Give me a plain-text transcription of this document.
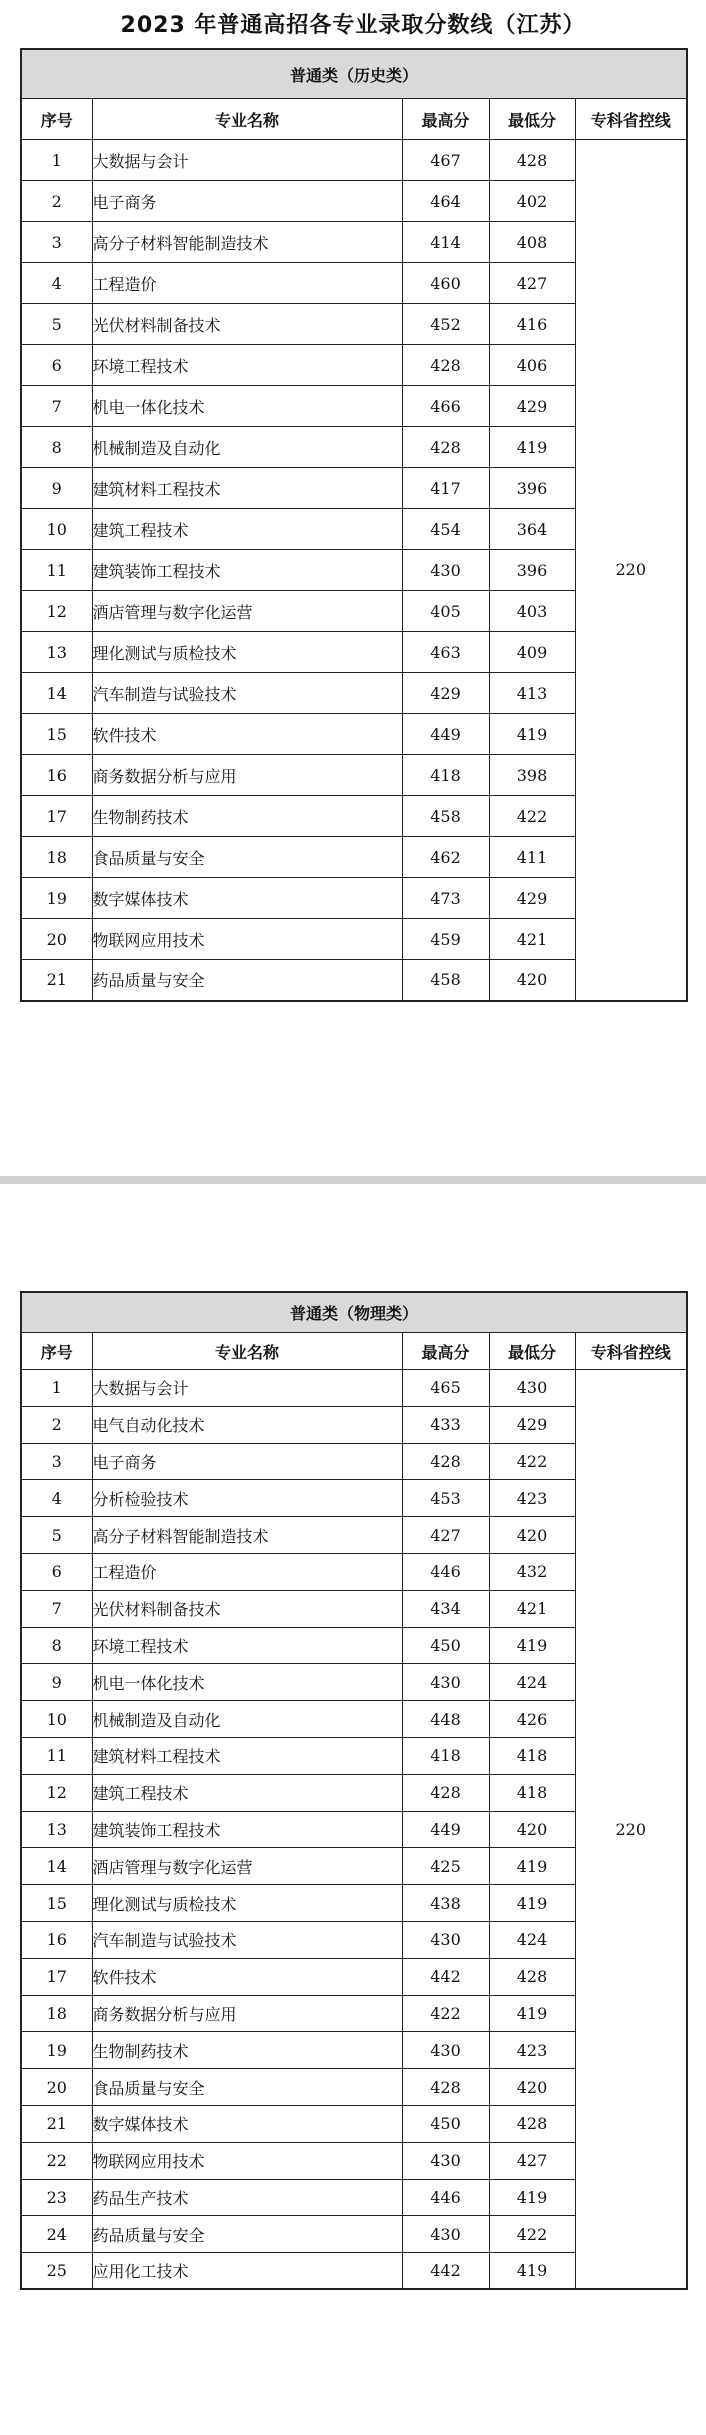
2023 年普通高招各专业录取分数线（江苏）
普通类（历史类）				
序号	专业名称	最高分	最低分	专科省控线
1	大数据与会计	467	428	220
2	电子商务	464	402	
3	高分子材料智能制造技术	414	408	
4	工程造价	460	427	
5	光伏材料制备技术	452	416	
6	环境工程技术	428	406	
7	机电一体化技术	466	429	
8	机械制造及自动化	428	419	
9	建筑材料工程技术	417	396	
10	建筑工程技术	454	364	
11	建筑装饰工程技术	430	396	
12	酒店管理与数字化运营	405	403	
13	理化测试与质检技术	463	409	
14	汽车制造与试验技术	429	413	
15	软件技术	449	419	
16	商务数据分析与应用	418	398	
17	生物制药技术	458	422	
18	食品质量与安全	462	411	
19	数字媒体技术	473	429	
20	物联网应用技术	459	421	
21	药品质量与安全	458	420	
普通类（物理类）				
序号	专业名称	最高分	最低分	专科省控线
1	大数据与会计	465	430	220
2	电气自动化技术	433	429	
3	电子商务	428	422	
4	分析检验技术	453	423	
5	高分子材料智能制造技术	427	420	
6	工程造价	446	432	
7	光伏材料制备技术	434	421	
8	环境工程技术	450	419	
9	机电一体化技术	430	424	
10	机械制造及自动化	448	426	
11	建筑材料工程技术	418	418	
12	建筑工程技术	428	418	
13	建筑装饰工程技术	449	420	
14	酒店管理与数字化运营	425	419	
15	理化测试与质检技术	438	419	
16	汽车制造与试验技术	430	424	
17	软件技术	442	428	
18	商务数据分析与应用	422	419	
19	生物制药技术	430	423	
20	食品质量与安全	428	420	
21	数字媒体技术	450	428	
22	物联网应用技术	430	427	
23	药品生产技术	446	419	
24	药品质量与安全	430	422	
25	应用化工技术	442	419	
